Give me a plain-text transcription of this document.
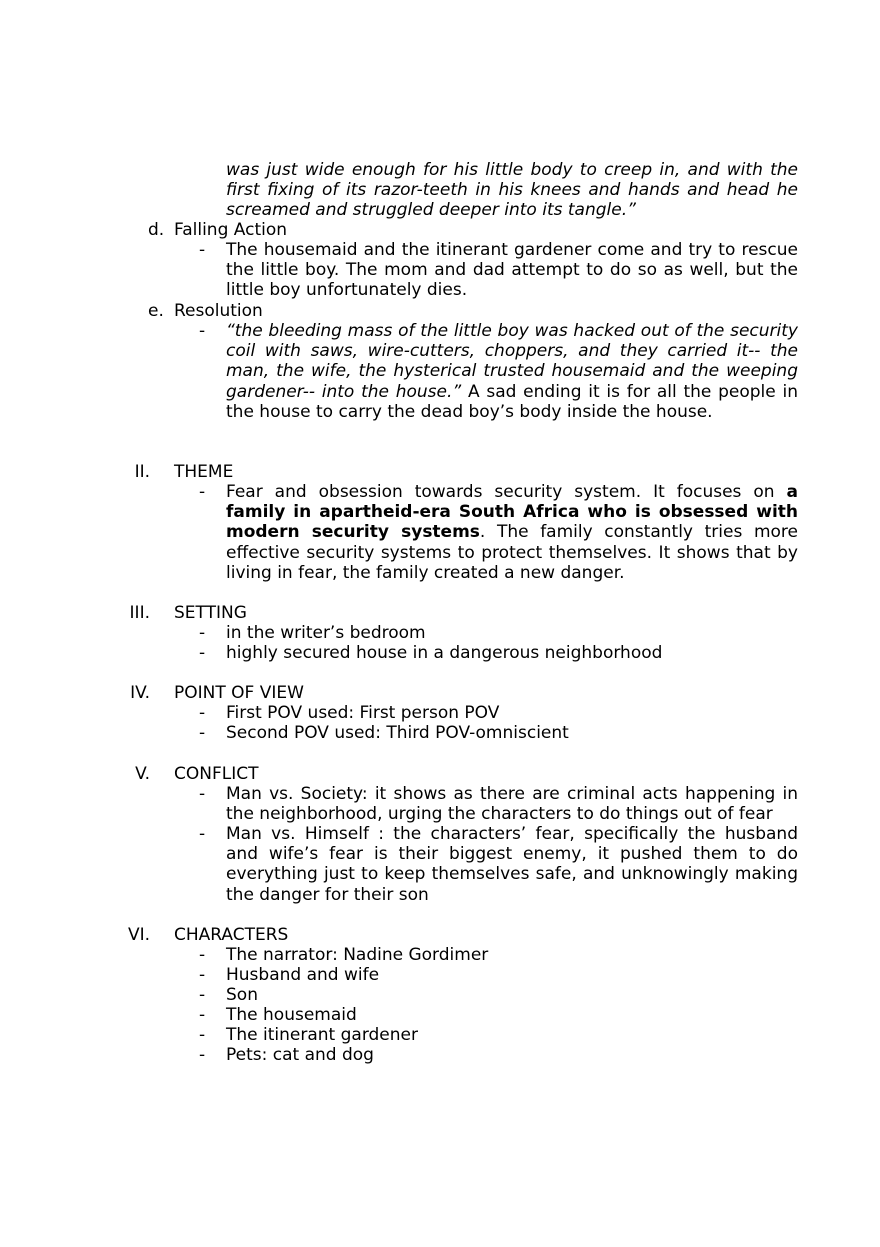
was just wide enough for his little body to creep in, and with the first fixing of its razor-teeth in his knees and hands and head he screamed and struggled deeper into its tangle.”
d. Falling Action
- The housemaid and the itinerant gardener come and try to rescue the little boy. The mom and dad attempt to do so as well, but the little boy unfortunately dies.
e. Resolution
- “the bleeding mass of the little boy was hacked out of the security coil with saws, wire-cutters, choppers, and they carried it-- the man, the wife, the hysterical trusted housemaid and the weeping gardener-- into the house.” A sad ending it is for all the people in the house to carry the dead boy’s body inside the house.
II. THEME
- Fear and obsession towards security system. It focuses on a family in apartheid-era South Africa who is obsessed with modern security systems. The family constantly tries more effective security systems to protect themselves. It shows that by living in fear, the family created a new danger.
III. SETTING
- in the writer’s bedroom
- highly secured house in a dangerous neighborhood
IV. POINT OF VIEW
- First POV used: First person POV
- Second POV used: Third POV-omniscient
V. CONFLICT
- Man vs. Society: it shows as there are criminal acts happening in the neighborhood, urging the characters to do things out of fear
- Man vs. Himself : the characters’ fear, specifically the husband and wife’s fear is their biggest enemy, it pushed them to do everything just to keep themselves safe, and unknowingly making the danger for their son
VI. CHARACTERS
- The narrator: Nadine Gordimer
- Husband and wife
- Son
- The housemaid
- The itinerant gardener
- Pets: cat and dog
